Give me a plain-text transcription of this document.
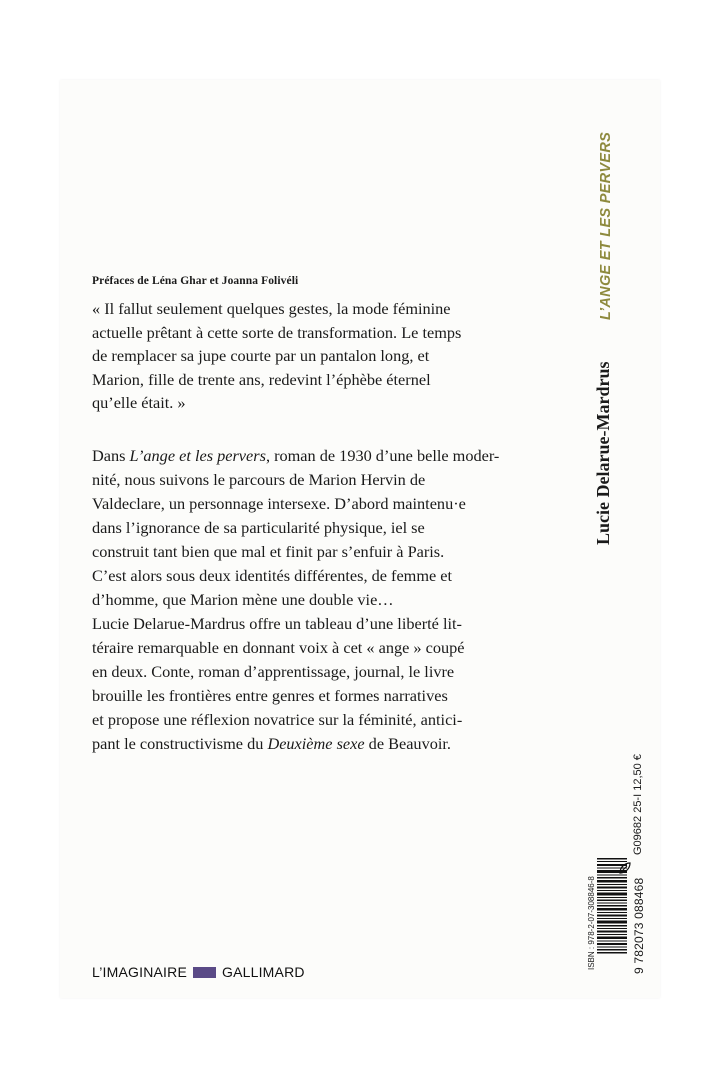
Préfaces de Léna Ghar et Joanna Folivéli

« Il fallut seulement quelques gestes, la mode féminine
actuelle prêtant à cette sorte de transformation. Le temps
de remplacer sa jupe courte par un pantalon long, et
Marion, fille de trente ans, redevint l’éphèbe éternel
qu’elle était. »

Dans L’ange et les pervers, roman de 1930 d’une belle moder-
nité, nous suivons le parcours de Marion Hervin de
Valdeclare, un personnage intersexe. D’abord maintenu·e
dans l’ignorance de sa particularité physique, iel se
construit tant bien que mal et finit par s’enfuir à Paris.
C’est alors sous deux identités différentes, de femme et
d’homme, que Marion mène une double vie…
Lucie Delarue-Mardrus offre un tableau d’une liberté lit-
téraire remarquable en donnant voix à cet « ange » coupé
en deux. Conte, roman d’apprentissage, journal, le livre
brouille les frontières entre genres et formes narratives
et propose une réflexion novatrice sur la féminité, antici-
pant le constructivisme du Deuxième sexe de Beauvoir.

L’IMAGINAIRE	GALLIMARD
L’ANGE ET LES PERVERS
Lucie Delarue-Mardrus
ISBN : 978-2-07-308846-8	9 782073 088468
G09682 25-I 12,50 €
